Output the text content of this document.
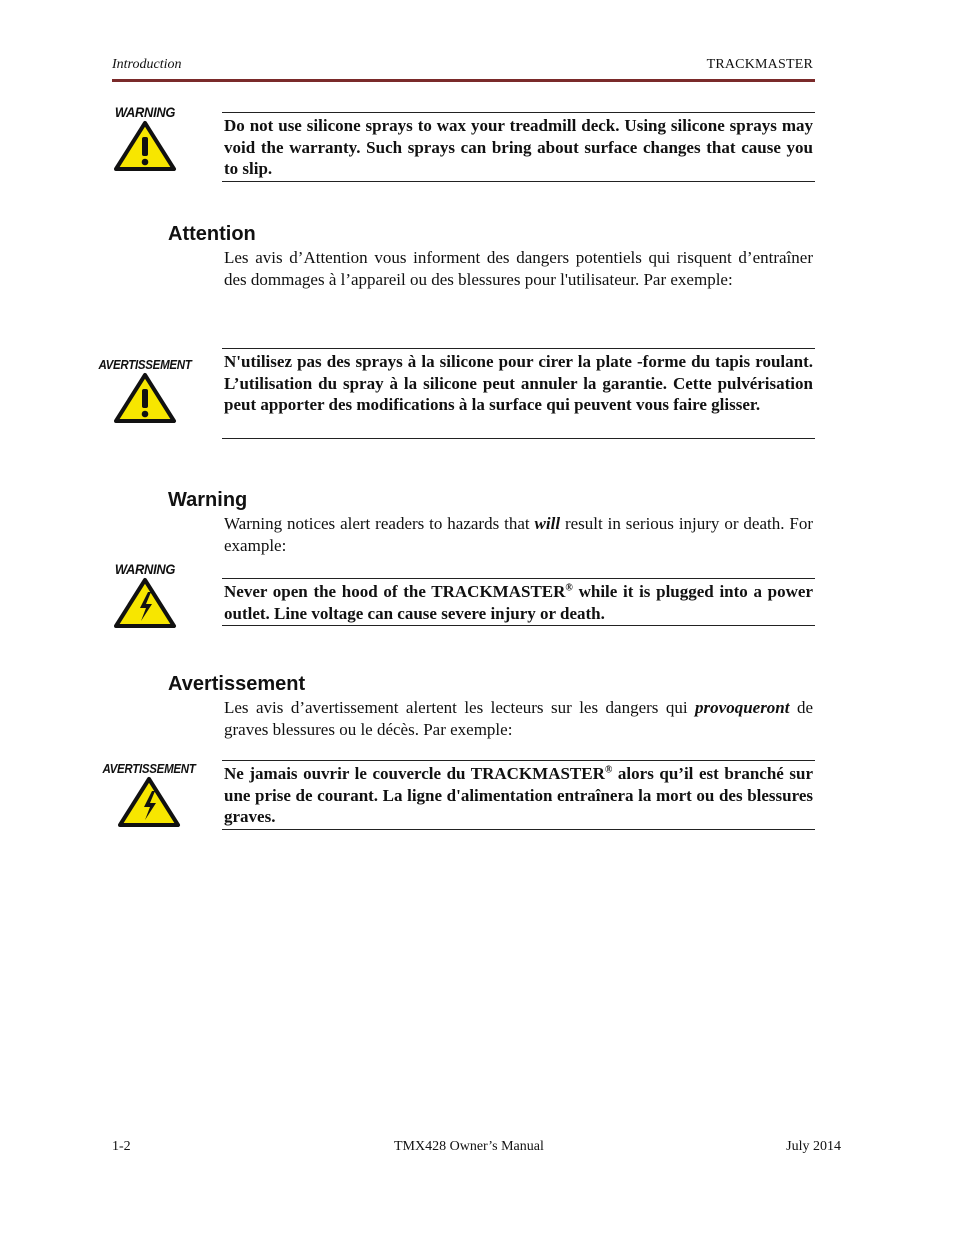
Introduction	TRACKMASTER
WARNING
Do not use silicone sprays to wax your treadmill deck. Using silicone sprays may void the warranty. Such sprays can bring about surface changes that cause you to slip.
Attention
Les avis d’Attention vous informent des dangers potentiels qui risquent d’entraîner des dommages à l’appareil ou des blessures pour l'utilisateur. Par exemple:
AVERTISSEMENT N'utilisez pas des sprays à la silicone pour cirer la plate -forme du tapis roulant. L’utilisation du spray à la silicone peut annuler la garantie. Cette pulvérisation peut apporter des modifications à la surface qui peuvent vous faire glisser.
Warning
Warning notices alert readers to hazards that will result in serious injury or death. For example:
WARNING
Never open the hood of the TRACKMASTER® while it is plugged into a power outlet. Line voltage can cause severe injury or death.
Avertissement
Les avis d’avertissement alertent les lecteurs sur les dangers qui provoqueront de graves blessures ou le décès. Par exemple:
AVERTISSEMENT Ne jamais ouvrir le couvercle du TRACKMASTER® alors qu’il est branché sur une prise de courant. La ligne d'alimentation entraînera la mort ou des blessures graves.
1-2	TMX428 Owner’s Manual	July 2014
